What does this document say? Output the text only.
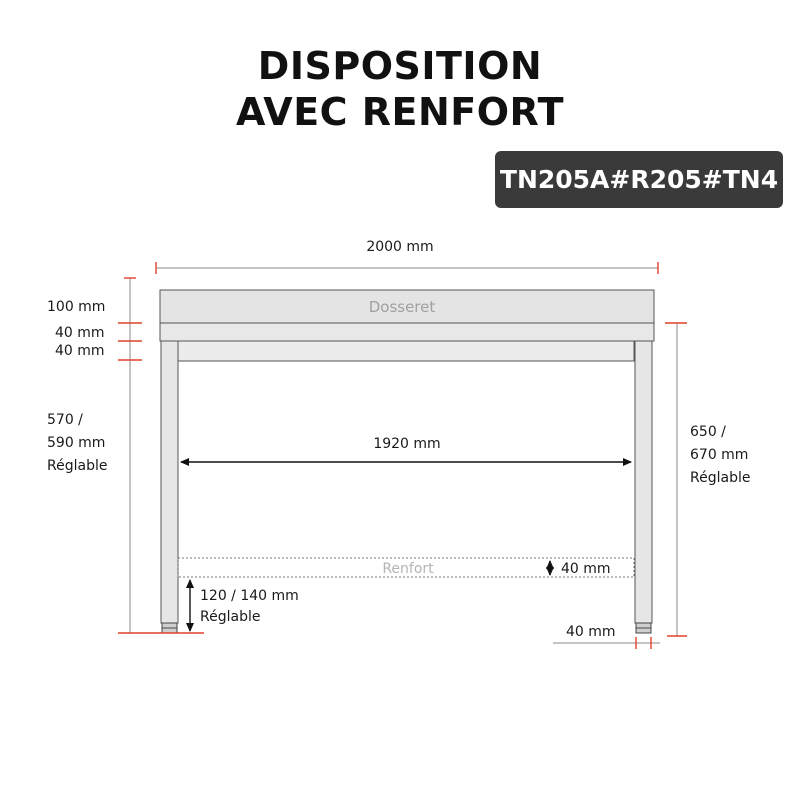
DISPOSITION
AVEC RENFORT
TN205A#R205#TN4
Dosseret
Renfort
2000 mm
1920 mm
100 mm
40 mm
40 mm
570 /
590 mm
Réglable
650 /
670 mm
Réglable
40 mm
120 / 140 mm
Réglable
40 mm
